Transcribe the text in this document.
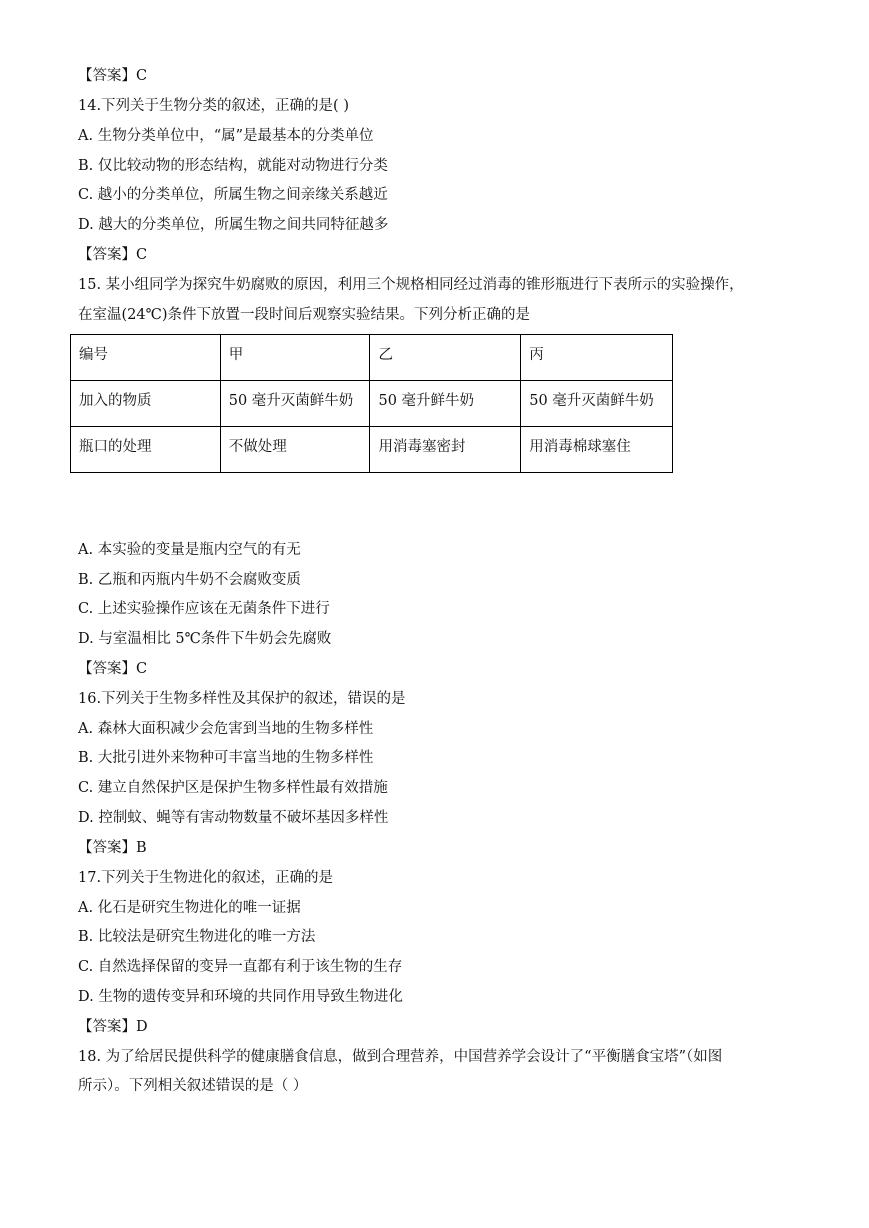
【答案】C
14.下列关于生物分类的叙述，正确的是( )
A. 生物分类单位中，“属”是最基本的分类单位
B. 仅比较动物的形态结构，就能对动物进行分类
C. 越小的分类单位，所属生物之间亲缘关系越近
D. 越大的分类单位，所属生物之间共同特征越多
【答案】C
15. 某小组同学为探究牛奶腐败的原因，利用三个规格相同经过消毒的锥形瓶进行下表所示的实验操作，
在室温(24℃)条件下放置一段时间后观察实验结果。下列分析正确的是
编号	甲	乙	丙
加入的物质	50 毫升灭菌鲜牛奶	50 毫升鲜牛奶	50 毫升灭菌鲜牛奶
瓶口的处理	不做处理	用消毒塞密封	用消毒棉球塞住
A. 本实验的变量是瓶内空气的有无
B. 乙瓶和丙瓶内牛奶不会腐败变质
C. 上述实验操作应该在无菌条件下进行
D. 与室温相比 5℃条件下牛奶会先腐败
【答案】C
16.下列关于生物多样性及其保护的叙述，错误的是
A. 森林大面积减少会危害到当地的生物多样性
B. 大批引进外来物种可丰富当地的生物多样性
C. 建立自然保护区是保护生物多样性最有效措施
D. 控制蚊、蝇等有害动物数量不破坏基因多样性
【答案】B
17.下列关于生物进化的叙述，正确的是
A. 化石是研究生物进化的唯一证据
B. 比较法是研究生物进化的唯一方法
C. 自然选择保留的变异一直都有利于该生物的生存
D. 生物的遗传变异和环境的共同作用导致生物进化
【答案】D
18. 为了给居民提供科学的健康膳食信息，做到合理营养，中国营养学会设计了“平衡膳食宝塔”（如图
所示）。下列相关叙述错误的是（ ）
